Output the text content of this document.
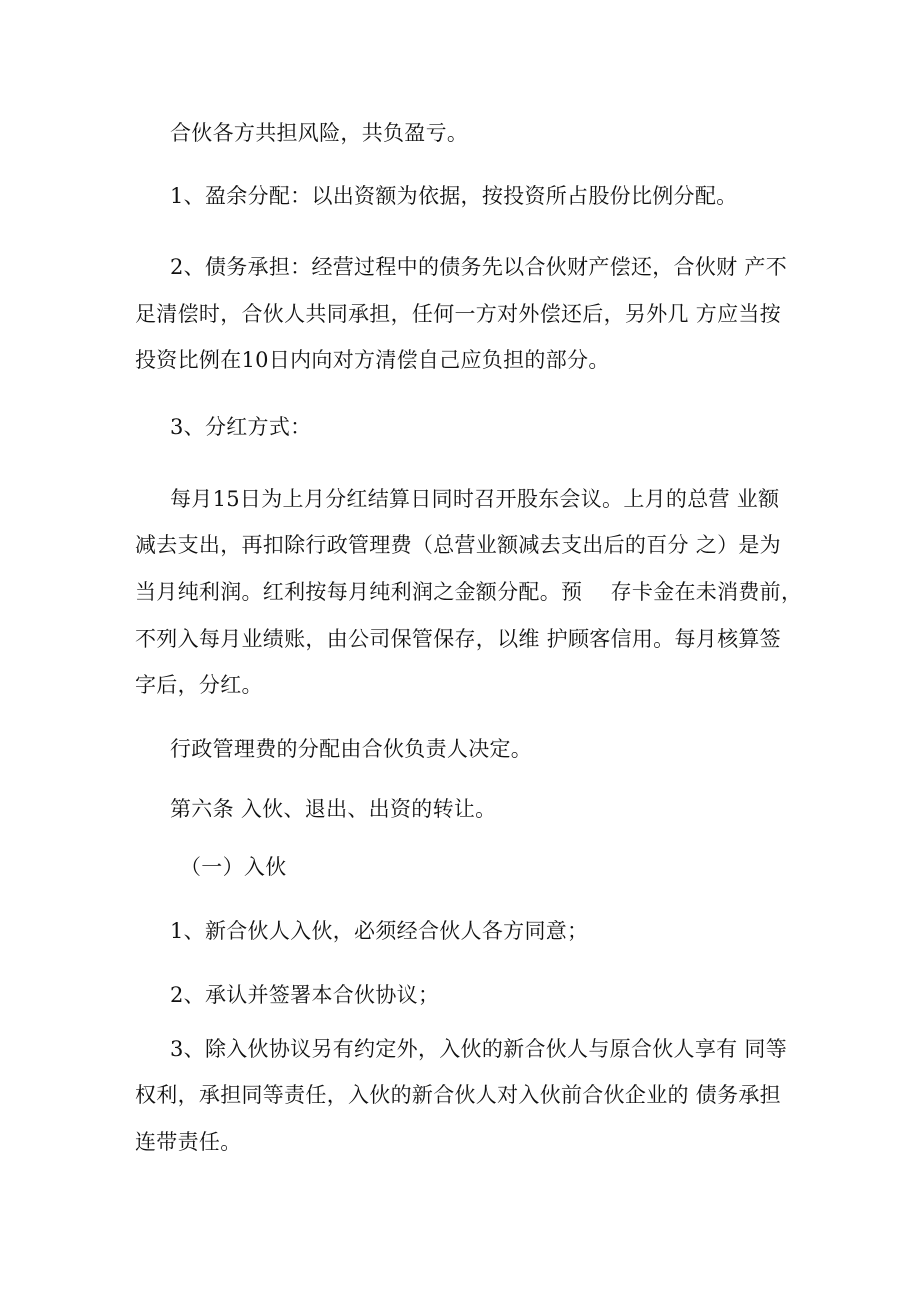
合伙各方共担风险，共负盈亏。

1、盈余分配：以出资额为依据，按投资所占股份比例分配。

2、债务承担：经营过程中的债务先以合伙财产偿还，合伙财 产不

足清偿时，合伙人共同承担，任何一方对外偿还后，另外几 方应当按

投资比例在10日内向对方清偿自己应负担的部分。

3、分红方式：

每月15日为上月分红结算日同时召开股东会议。上月的总营 业额

减去支出，再扣除行政管理费（总营业额减去支出后的百分 之）是为

当月纯利润。红利按每月纯利润之金额分配。预　 存卡金在未消费前，

不列入每月业绩账，由公司保管保存，以维 护顾客信用。每月核算签

字后，分红。

行政管理费的分配由合伙负责人决定。

第六条 入伙、退出、出资的转让。

（一）入伙

1、新合伙人入伙，必须经合伙人各方同意；

2、承认并签署本合伙协议；

3、除入伙协议另有约定外，入伙的新合伙人与原合伙人享有 同等

权利，承担同等责任，入伙的新合伙人对入伙前合伙企业的 债务承担

连带责任。
